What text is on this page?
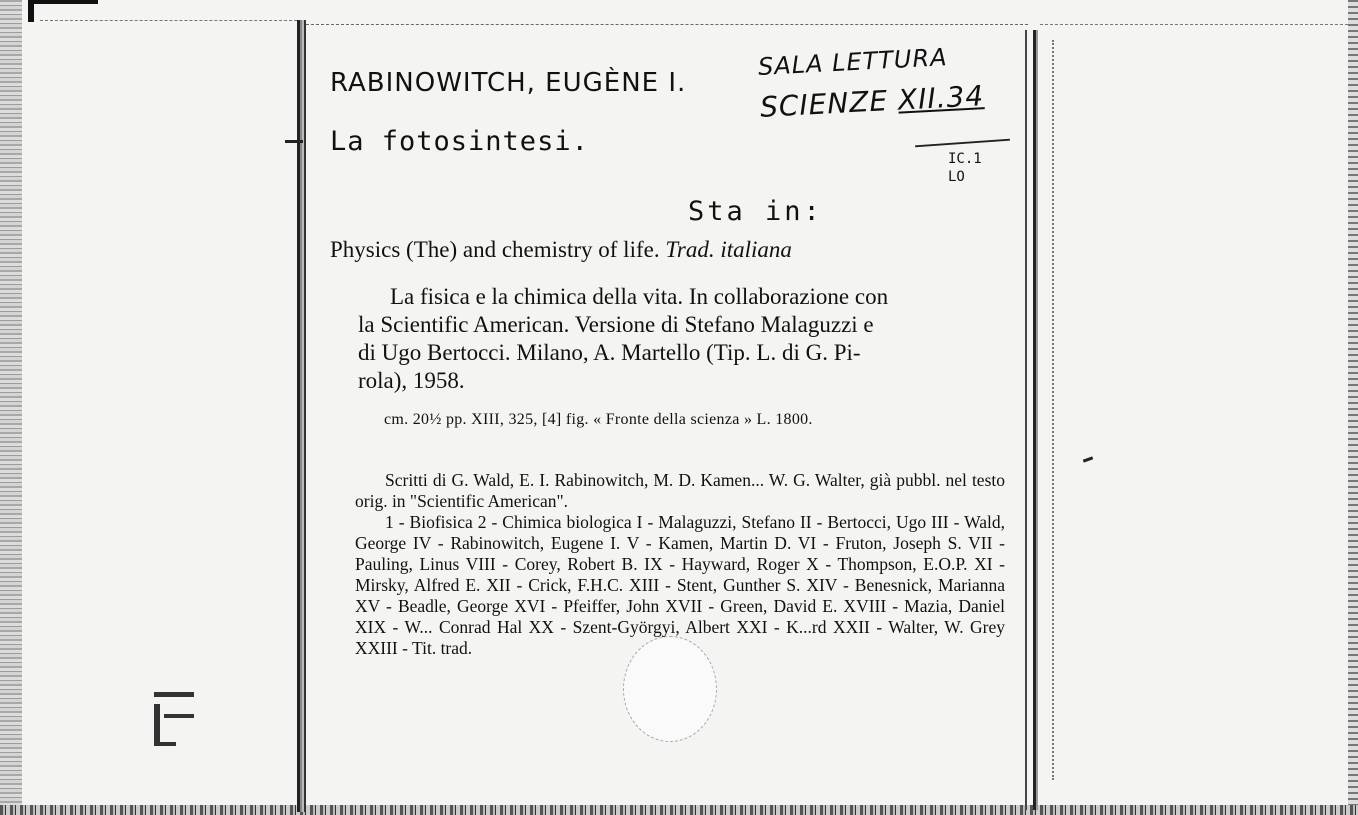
RABINOWITCH, EUGÈNE I.
La fotosintesi.
SALA LETTURA
SCIENZE XII.34
IC.1
LO
Sta in:
Physics (The) and chemistry of life. Trad. italiana
La fisica e la chimica della vita. In collaborazione con
la Scientific American. Versione di Stefano Malaguzzi e
di Ugo Bertocci. Milano, A. Martello (Tip. L. di G. Pi-
rola), 1958.
cm. 20½ pp. XIII, 325, [4] fig. « Fronte della scienza » L. 1800.

Scritti di G. Wald, E. I. Rabinowitch, M. D. Kamen... W. G. Walter, già pubbl. nel testo orig. in "Scientific American".

1 - Biofisica 2 - Chimica biologica I - Malaguzzi, Stefano II - Bertocci, Ugo III - Wald, George IV - Rabinowitch, Eugene I. V - Kamen, Martin D. VI - Fruton, Joseph S. VII - Pauling, Linus VIII - Corey, Robert B. IX - Hayward, Roger X - Thompson, E.O.P. XI - Mirsky, Alfred E. XII - Crick, F.H.C. XIII - Stent, Gunther S. XIV - Benesnick, Marianna XV - Beadle, George XVI - Pfeiffer, John XVII - Green, David E. XVIII - Mazia, Daniel XIX - W... Conrad Hal XX - Szent-Györgyi, Albert XXI - K...rd XXII - Walter, W. Grey XXIII - Tit. trad.
